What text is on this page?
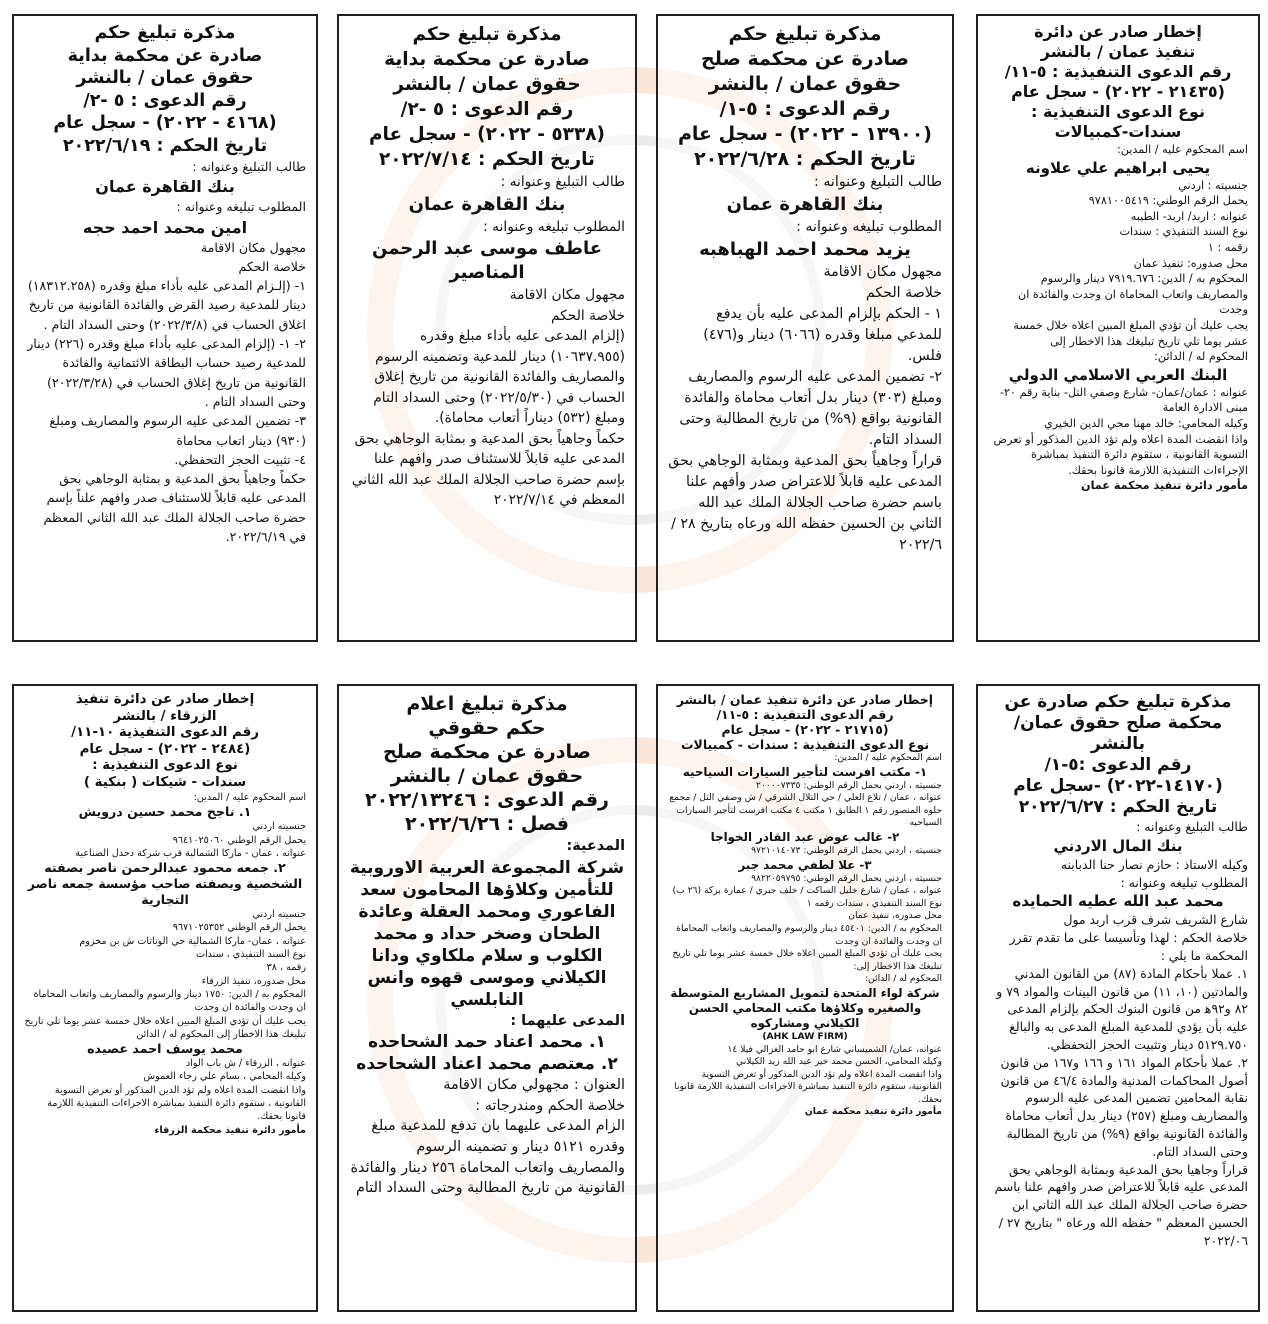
إخطار صادر عن دائرة
تنفيذ عمان / بالنشر
رقم الدعوى التنفيذية : ٥-١١/
(٢١٤٣٥ - ٢٠٢٢) - سجل عام
نوع الدعوى التنفيذية :
سندات-كمبيالات
اسم المحكوم عليه / المدين:
يحيى ابراهيم علي علاونه
جنسيته : اردني
يحمل الرقم الوطني: ٩٧٨١٠٠٥٤١٩
عنوانه : اربد/ اربد- الطيبه
نوع السند التنفيذي : سندات
رقمه : ١
محل صدوره: تنفيذ عمان
المحكوم به / الدين: ٧٩١٩.٦٧٦ دينار والرسوم والمصاريف واتعاب المحاماة ان وجدت والفائدة ان وجدت
يجب عليك أن تؤدي المبلغ المبين اعلاه خلال خمسة عشر يوما تلي تاريخ تبليغك هذا الاخطار إلى
المحكوم له / الدائن:
البنك العربي الاسلامي الدولي
عنوانه : عمان/عمان- شارع وصفي التل- بناية رقم ٢٠- مبنى الادارة العامة
وكيله المحامي: خالد مهنا محي الدين الخيري
واذا انقضت المدة اعلاه ولم تؤد الدين المذكور أو تعرض التسوية القانونية ، ستقوم دائرة التنفيذ بمباشرة الإجراءات التنفيذية اللازمة قانونا بحقك.
مأمور دائرة تنفيذ محكمة عمان
مذكرة تبليغ حكم
صادرة عن محكمة صلح
حقوق عمان / بالنشر
رقم الدعوى : ٥-١/
(١٣٩٠٠ - ٢٠٢٢) - سجل عام
تاريخ الحكم : ٢٠٢٢/٦/٢٨
طالب التبليغ وعنوانه :
بنك القاهرة عمان
المطلوب تبليغه وعنوانه :
يزيد محمد احمد الهباهبه
مجهول مكان الاقامة
خلاصة الحكم
١ - الحكم بإلزام المدعى عليه بأن يدفع للمدعي مبلغا وقدره (٦٠٦٦) دينار و(٤٧٦) فلس.
٢- تضمين المدعى عليه الرسوم والمصاريف ومبلغ (٣٠٣) دينار بدل أتعاب محاماة والفائدة القانونية بواقع (٩%) من تاريخ المطالبة وحتى السداد التام.
قراراً وجاهياً بحق المدعية وبمثابة الوجاهي بحق المدعى عليه قابلاً للاعتراض صدر وأفهم علنا باسم حضرة صاحب الجلالة الملك عبد الله الثاني بن الحسين حفظه الله ورعاه بتاريخ ٢٨ /٢٠٢٢/٦
مذكرة تبليغ حكم
صادرة عن محكمة بداية
حقوق عمان / بالنشر
رقم الدعوى : ٥ -٢/
(٥٣٣٨ - ٢٠٢٢) - سجل عام
تاريخ الحكم : ٢٠٢٢/٧/١٤
طالب التبليغ وعنوانه :
بنك القاهرة عمان
المطلوب تبليغه وعنوانه :
عاطف موسى عبد الرحمن المناصير
مجهول مكان الاقامة
خلاصة الحكم
(إلزام المدعى عليه بأداء مبلغ وقدره (١٠٦٣٧.٩٥٥) دينار للمدعية وتضمينه الرسوم والمصاريف والفائدة القانونية من تاريخ إغلاق الحساب في (٢٠٢٢/٥/٣٠) وحتى السداد التام ومبلغ (٥٣٢) ديناراً أتعاب محاماة).
حكماً وجاهياً بحق المدعية و بمثابة الوجاهي بحق المدعى عليه قابلاً للاستئناف صدر وافهم علنا بإسم حضرة صاحب الجلالة الملك عبد الله الثاني المعظم في ٢٠٢٢/٧/١٤
مذكرة تبليغ حكم
صادرة عن محكمة بداية
حقوق عمان / بالنشر
رقم الدعوى : ٥ -٢/
(٤١٦٨ - ٢٠٢٢) - سجل عام
تاريخ الحكم : ٢٠٢٢/٦/١٩
طالب التبليغ وعنوانه :
بنك القاهرة عمان
المطلوب تبليغه وعنوانه :
امين محمد احمد حجه
مجهول مكان الاقامة
خلاصة الحكم
١- (إلـزام المدعى عليه بأداء مبلغ وقدره (١٨٣١٢.٢٥٨) دينار للمدعية رصيد القرض والفائدة القانونية من تاريخ اغلاق الحساب في (٢٠٢٢/٣/٨) وحتى السداد التام .
٢- ١- (إلزام المدعى عليه بأداء مبلغ وقدره (٢٢٦) دينار للمدعية رصيد حساب البطاقة الائتمانية والفائدة القانونية من تاريخ إغلاق الحساب في (٢٠٢٢/٣/٢٨) وحتى السداد التام .
٣- تضمين المدعى عليه الرسوم والمصاريف ومبلغ (٩٣٠) دينار اتعاب محاماة
٤- تثبيت الحجز التحفظي.
حكماً وجاهياً بحق المدعية و بمثابة الوجاهي بحق المدعى عليه قابلاً للاستئناف صدر وافهم علناً بإسم حضرة صاحب الجلالة الملك عبد الله الثاني المعظم في ٢٠٢٢/٦/١٩.
مذكرة تبليغ حكم صادرة عن
محكمة صلح حقوق عمان/ بالنشر
رقم الدعوى :٥-١/
(١٤١٧٠-٢٠٢٢) -سجل عام
تاريخ الحكم : ٢٠٢٢/٦/٢٧
طالب التبليغ وعنوانه :
بنك المال الاردني
وكيله الاستاذ : حازم نصار حنا الدبابنه
المطلوب تبليغه وعنوانه :
محمد عبد الله عطيه الحمايده
شارع الشريف شرف قرب اربد مول
خلاصة الحكم : لهذا وتأسيسا على ما تقدم تقرر المحكمة ما يلي :
١. عملا بأحكام المادة (٨٧) من القانون المدني والمادتين (١٠، ١١) من قانون البينات والمواد ٧٩ و ٨٢ و٩٢ه‍ من قانون البنوك الحكم بإلزام المدعى عليه بأن يؤدي للمدعية المبلغ المدعى به والبالغ ٥١٢٩.٧٥٠ دينار وتثبيت الحجز التحفظي.
٢. عملا بأحكام المواد ١٦١ و ١٦٦ و١٦٧ من قانون أصول المحاكمات المدنية والمادة ٤٦/٤ من قانون نقابة المحامين تضمين المدعى عليه الرسوم والمصاريف ومبلغ (٢٥٧) دينار بدل أتعاب محاماة والفائدة القانونية بواقع (٩%) من تاريخ المطالبة وحتى السداد التام.
قراراً وجاهيا بحق المدعية وبمثابة الوجاهي بحق المدعى عليه قابلاً للاعتراض صدر وافهم علنا باسم حضرة صاحب الجلالة الملك عبد الله الثاني ابن الحسين المعظم " حفظه الله ورعاه " بتاريخ ٢٧ /٢٠٢٢/٠٦
إخطار صادر عن دائرة تنفيذ عمان / بالنشر
رقم الدعوى التنفيذية : ٥-١١/
(٢١٧١٥ - ٢٠٢٢) - سجل عام
نوع الدعوى التنفيذية : سندات - كمبيالات
اسم المحكوم عليه / المدين:
١- مكتب افرست لتأجير السيارات السياحيه
جنسيته ، اردني يحمل الرقم الوطني: ٢٠٠٠٠٧٣٣٥
عنوانه ، عمان / تلاع العلي / حي التلال الشرقي / ش وصفي التل / مجمع حلوه المنصور رقم ١ الطابق ١ مكتب ٤ مكتب افرست لتأجير السيارات السياحيه
٢- غالب عوض عبد القادر الخواجا
جنسيته ، اردني يحمل الرقم الوطني: ٩٧٢١٠١٤٠٧٣
٣- علا لطفي محمد جبر
جنسيته ، اردني يحمل الرقم الوطني: ٩٨٢٢٠٥٩٧٩٥
عنوانه ، عمان / شارع خليل الساكت / خلف جبري / عمارة بركة (٢٦ ب)
نوع السند التنفيذي ، سندات رقمه ١
محل صدوره، تنفيذ عمان
المحكوم به / الدين: ٤٥٤٠١ دينار والرسوم والمصاريف واتعاب المحاماة ان وجدت والفائدة ان وجدت
يجب عليك أن تؤدي المبلغ المبين اعلاه خلال خمسة عشر يوما تلي تاريخ تبليغك هذا الاخطار إلى:
المحكوم له / الدائن:
شركة لواء المتحدة لتمويل المشاريع المتوسطة والصغيره وكلاؤها مكتب المحامي الحسن الكيلاني ومشاركوه
(AHK LAW FIRM)
عنوانه، عمان/ الشميساني شارع ابو حامد الغزالي فيلا ١٤
وكيله المحامي، الحسن محمد خير عبد الله زيد الكيلاني
واذا انقضت المدة اعلاه ولم تؤد الدين المذكور أو تعرض التسوية القانونية، ستقوم دائرة التنفيذ بمباشرة الاجراءات التنفيذية اللازمة قانونا بحقك.
مأمور دائرة تنفيذ محكمة عمان
مذكرة تبليغ اعلام
حكم حقوقي
صادرة عن محكمة صلح
حقوق عمان / بالنشر
رقم الدعوى : ٢٠٢٢/١٣٢٤٦
فصل : ٢٠٢٢/٦/٢٦
المدعية:
شركة المجموعة العربية الاوروبية للتأمين وكلاؤها المحامون سعد الفاعوري ومحمد العقلة وعائدة الطحان وصخر حداد و محمد الكلوب و سلام ملكاوي ودانا الكيلاني وموسى قهوه وانس النابلسي
المدعى عليهما :
١. محمد اعناد حمد الشحاحده
٢. معتصم محمد اعناد الشحاحده
العنوان : مجهولي مكان الاقامة
خلاصة الحكم ومندرجاته :
الزام المدعى عليهما بان تدفع للمدعية مبلغ وقدره ٥١٢١ دينار و تضمينه الرسوم والمصاريف واتعاب المحاماة ٢٥٦ دينار والفائدة القانونية من تاريخ المطالبة وحتى السداد التام
إخطار صادر عن دائرة تنفيذ
الزرقاء / بالنشر
رقم الدعوى التنفيذية ١٠-١١/
(٢٤٨٤ - ٢٠٢٢) - سجل عام
نوع الدعوى التنفيذية :
سندات - شيكات ( بنكية )
اسم المحكوم عليه / المدين:
١. ناجح محمد حسين درويش
جنسيته اردني
يحمل الرقم الوطني ٩٦٤١٠٢٥٠٦٠
عنوانه ، عمان - ماركا الشمالية قرب شركة دحدل الصناعية
٢. جمعه محمود عبدالرحمن ناصر بصفته الشخصية وبصفته صاحب مؤسسة جمعه ناصر التجارية
جنسيته اردني
يحمل الرقم الوطني ٩٦٧١٠٢٥٣٥٢
عنوانه ، عمان- ماركا الشمالية حي الوناتات ش بن مخزوم
نوع السند التنفيذي ، سندات
رقمه ، ٣٨
محل صدوره، تنفيذ الزرقاء
المحكوم به / الدين: ١٧٥٠ دينار والرسوم والمصاريف واتعاب المحاماة ان وجدت والفائدة ان وجدت
يجب عليك أن تؤدي المبلغ المبين اعلاه خلال خمسة عشر يوما تلي تاريخ تبليغك هذا الاخطار إلى المحكوم له / الدائن
محمد يوسف احمد عصيده
عنوانه ، الزرقاء / ش باب الواد
وكيله المحامي ، بسام علي رجاء العموش
واذا انقضت المدة اعلاه ولم تؤد الدين المذكور أو تعرض التسوية القانونية ، ستقوم دائرة التنفيذ بمباشرة الاجراءات التنفيذية اللازمة قانونا بحقك.
مأمور دائرة تنفيذ محكمة الزرقاء
